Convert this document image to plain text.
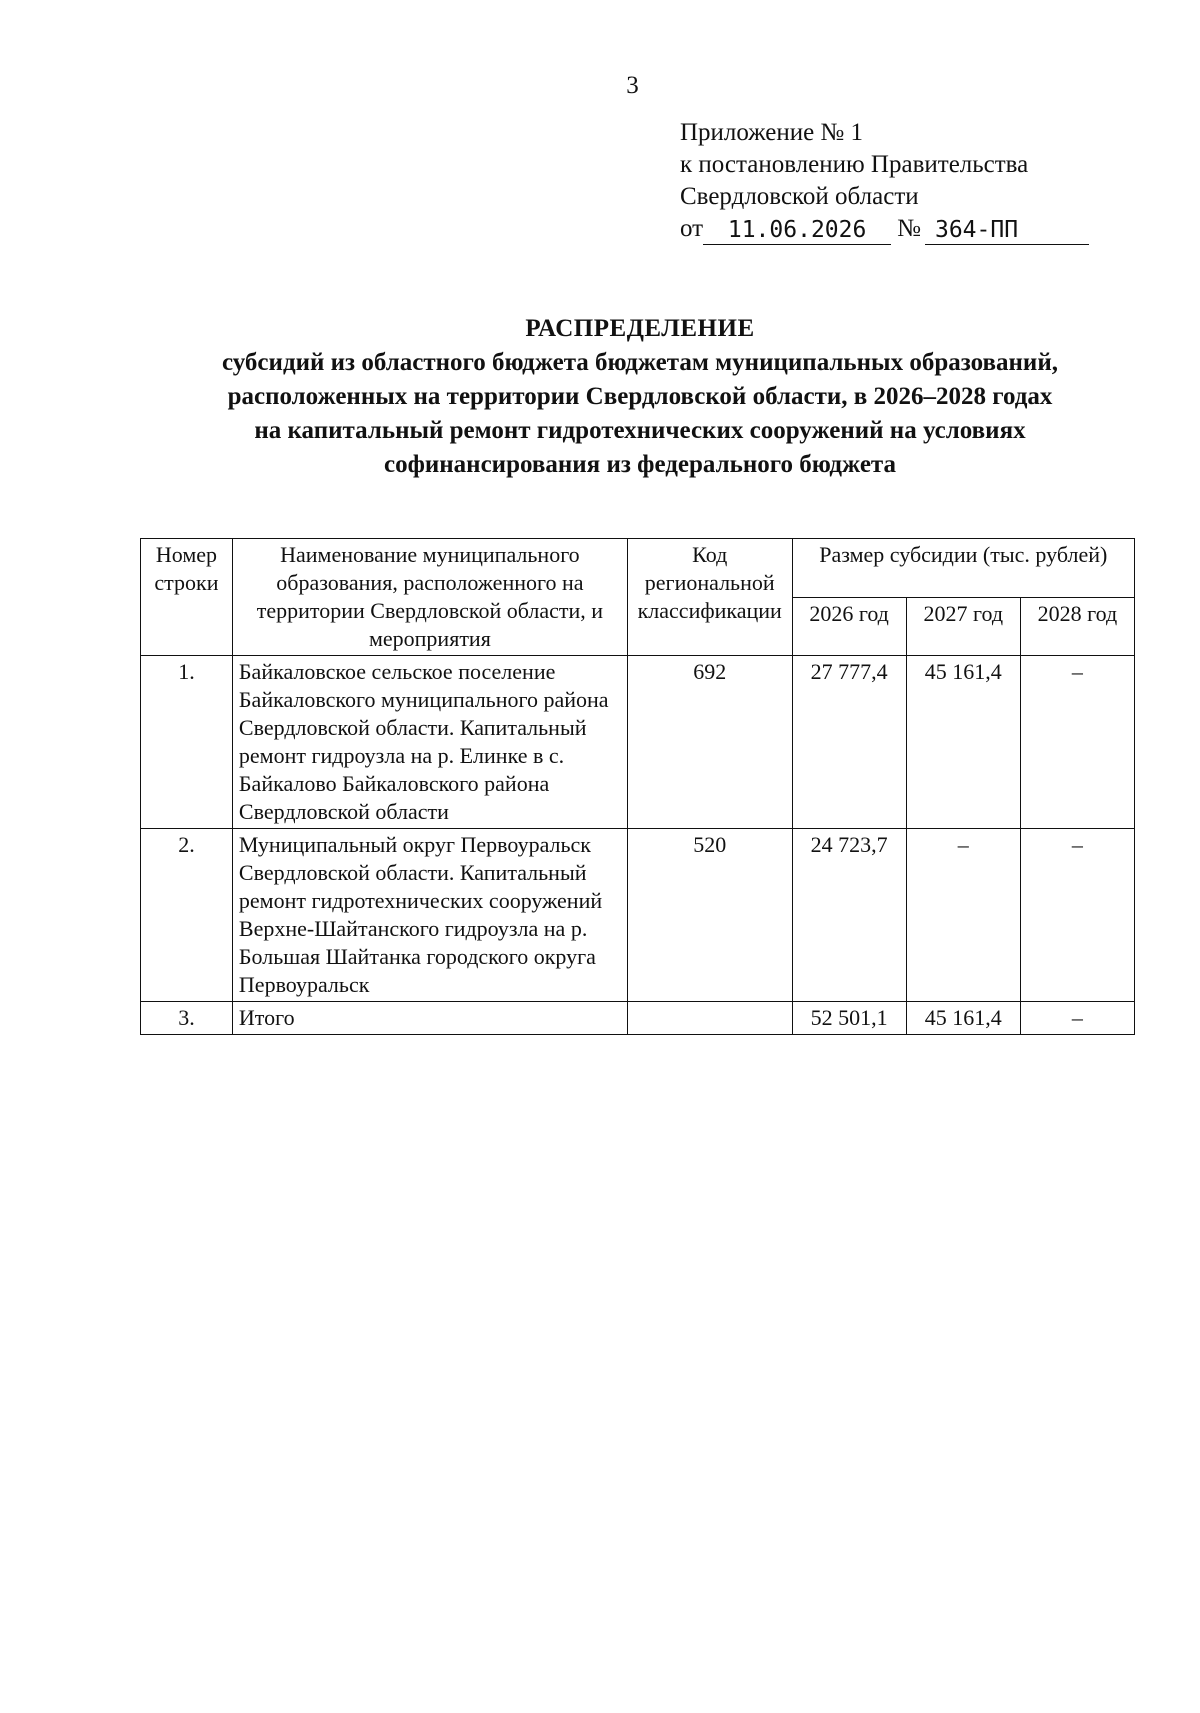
3
Приложение № 1
к постановлению Правительства
Свердловской области
от	11.06.2026	№ 364-ПП
РАСПРЕДЕЛЕНИЕ
субсидий из областного бюджета бюджетам муниципальных образований,
расположенных на территории Свердловской области, в 2026–2028 годах
на капитальный ремонт гидротехнических сооружений на условиях
софинансирования из федерального бюджета
Номер строки	Наименование муниципального образования, расположенного на территории Свердловской области, и мероприятия	Код региональной классификации	Размер субсидии (тыс. рублей)		
			2026 год	2027 год	2028 год
1.	Байкаловское сельское поселение Байкаловского муниципального района Свердловской области. Капитальный ремонт гидроузла на р. Елинке в с. Байкалово Байкаловского района Свердловской области	692	27 777,4	45 161,4	–
2.	Муниципальный округ Первоуральск Свердловской области. Капитальный ремонт гидротехнических сооружений Верхне-Шайтанского гидроузла на р. Большая Шайтанка городского округа Первоуральск	520	24 723,7	–	–
3.	Итого		52 501,1	45 161,4	–
